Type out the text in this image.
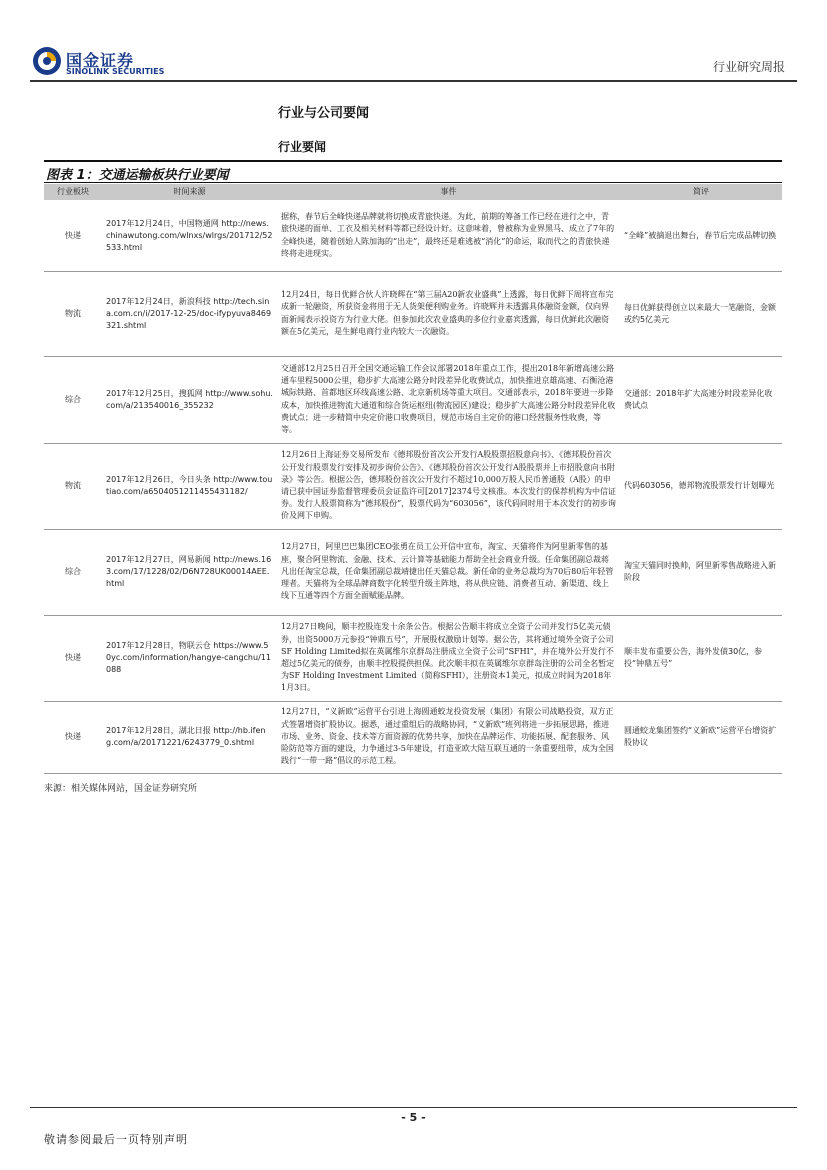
国金证券
SINOLINK SECURITIES	行业研究周报
行业与公司要闻
行业要闻
图表 1：交通运输板块行业要闻
行业板块	时间来源	事件	简评
快递	2017年12月24日，中国物通网 http://news.chinawutong.com/wlnxs/wlrgs/201712/52533.html	据称，春节后全峰快递品牌就将切换成青旅快递。为此，前期的筹备工作已经在进行之中，青旅快递的面单、工衣及相关材料等都已经设计好。这意味着，曾被称为业界黑马、成立了7年的全峰快递，随着创始人陈加海的“出走”，最终还是难逃被“消化”的命运，取而代之的青旅快递终将走进现实。	“全峰”被摘退出舞台，春节后完成品牌切换
物流	2017年12月24日，新浪科技 http://tech.sina.com.cn/i/2017-12-25/doc-ifypyuva8469321.shtml	12月24日，每日优鲜合伙人许晓辉在“第三届A20新农业盛典”上透露，每日优鲜下周将宣布完成新一轮融资，所获资金将用于无人货架便利购业务。许晓辉并未透露具体融资金额，仅向界面新闻表示投资方为行业大佬。但参加此次农业盛典的多位行业嘉宾透露，每日优鲜此次融资额在5亿美元，是生鲜电商行业内较大一次融资。	每日优鲜获得创立以来最大一笔融资，金额或约5亿美元
综合	2017年12月25日，搜狐网 http://www.sohu.com/a/213540016_355232	交通部12月25日召开全国交通运输工作会议部署2018年重点工作，提出2018年新增高速公路通车里程5000公里，稳步扩大高速公路分时段差异化收费试点，加快推进京雄高速、石衡沧港城际铁路、首都地区环线高速公路、北京新机场等重大项目。交通部表示，2018年要进一步降成本，加快推进物流大通道和综合货运枢纽(物流园区)建设；稳步扩大高速公路分时段差异化收费试点；进一步精简中央定价港口收费项目，规范市场自主定价的港口经营服务性收费，等等。	交通部：2018年扩大高速分时段差异化收费试点
物流	2017年12月26日，今日头条 http://www.toutiao.com/a6504051211455431182/	12月26日上海证券交易所发布《德邦股份首次公开发行A股股票招股意向书》、《德邦股份首次公开发行股票发行安排及初步询价公告》、《德邦股份首次公开发行A股股票并上市招股意向书附录》等公告。根据公告，德邦股份首次公开发行不超过10,000万股人民币普通股（A股）的申请已获中国证券监督管理委员会证监许可[2017]2374号文核准。本次发行的保荐机构为中信证券。发行人股票简称为“德邦股份”，股票代码为“603056”，该代码同时用于本次发行的初步询价及网下申购。	代码603056，德邦物流股票发行计划曝光
综合	2017年12月27日，网易新闻 http://news.163.com/17/1228/02/D6N728UK00014AEE.html	12月27日，阿里巴巴集团CEO张勇在员工公开信中宣布，淘宝、天猫将作为阿里新零售的基座，聚合阿里物流、金融、技术、云计算等基础能力帮助全社会商业升级。任命集团副总裁蒋凡出任淘宝总裁，任命集团副总裁靖捷出任天猫总裁。新任命的业务总裁均为70后80后年轻管理者。天猫将为全球品牌商数字化转型升级主阵地，将从供应链、消费者互动、新渠道、线上线下互通等四个方面全面赋能品牌。	淘宝天猫同时换帅，阿里新零售战略进入新阶段
快递	2017年12月28日，物联云仓 https://www.50yc.com/information/hangye-cangchu/11088	12月27日晚间，顺丰控股连发十余条公告。根据公告顺丰将成立全资子公司并发行5亿美元债券，出资5000万元参投“钟鼎五号”，开展股权激励计划等。据公告，其将通过境外全资子公司SF Holding Limited拟在英属维尔京群岛注册成立全资子公司“SFHI”，并在境外公开发行不超过5亿美元的债券，由顺丰控股提供担保。此次顺丰拟在英属维尔京群岛注册的公司全名暂定为SF Holding Investment Limited（简称SFHI），注册资本1美元，拟成立时间为2018年1月3日。	顺丰发布重要公告，海外发债30亿，参投“钟鼎五号”
快递	2017年12月28日，湖北日报 http://hb.ifeng.com/a/20171221/6243779_0.shtml	12月27日，“义新欧”运营平台引进上海圆通蛟龙投资发展（集团）有限公司战略投资，双方正式签署增资扩股协议。据悉，通过重组后的战略协同，“义新欧”班列将进一步拓展思路，推进市场、业务、资金、技术等方面资源的优势共享，加快在品牌运作、功能拓展、配套服务、风险防范等方面的建设，力争通过3-5年建设，打造亚欧大陆互联互通的一条重要纽带，成为全国践行“一带一路”倡议的示范工程。	圆通蛟龙集团签约“义新欧”运营平台增资扩股协议
来源：相关媒体网站，国金证券研究所
- 5 -
敬请参阅最后一页特别声明
